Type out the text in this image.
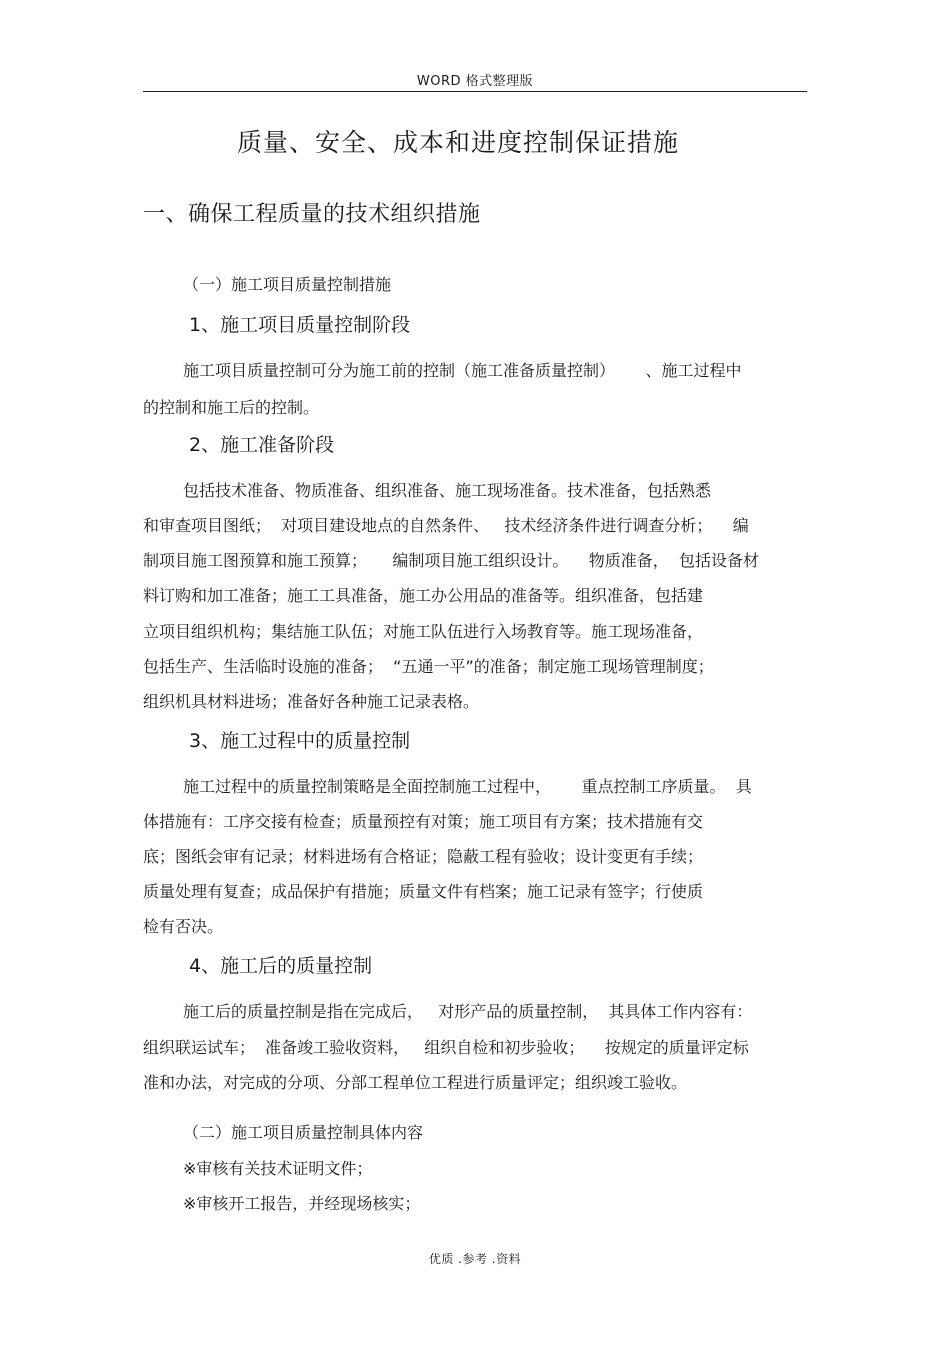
WORD 格式整理版
质量、安全、成本和进度控制保证措施
一、确保工程质量的技术组织措施
（一）施工项目质量控制措施
1、施工项目质量控制阶段
施工项目质量控制可分为施工前的控制（施工准备质量控制）      、施工过程中
的控制和施工后的控制。
2、施工准备阶段
包括技术准备、物质准备、组织准备、施工现场准备。技术准备，包括熟悉
和审查项目图纸；  对项目建设地点的自然条件、   技术经济条件进行调查分析；    编
制项目施工图预算和施工预算；     编制项目施工组织设计。    物质准备，  包括设备材
料订购和加工准备；施工工具准备，施工办公用品的准备等。组织准备，包括建
立项目组织机构；集结施工队伍；对施工队伍进行入场教育等。施工现场准备，
包括生产、生活临时设施的准备；  “五通一平”的准备；制定施工现场管理制度；
组织机具材料进场；准备好各种施工记录表格。
3、施工过程中的质量控制
施工过程中的质量控制策略是全面控制施工过程中，      重点控制工序质量。  具
体措施有：工序交接有检查；质量预控有对策；施工项目有方案；技术措施有交
底；图纸会审有记录；材料进场有合格证；隐蔽工程有验收；设计变更有手续；
质量处理有复查；成品保护有措施；质量文件有档案；施工记录有签字；行使质
检有否决。
4、施工后的质量控制
施工后的质量控制是指在完成后，   对形产品的质量控制，  其具体工作内容有：
组织联运试车；  准备竣工验收资料，   组织自检和初步验收；    按规定的质量评定标
准和办法，对完成的分项、分部工程单位工程进行质量评定；组织竣工验收。
（二）施工项目质量控制具体内容
※审核有关技术证明文件；
※审核开工报告，并经现场核实；
优质 .参考 .资料
